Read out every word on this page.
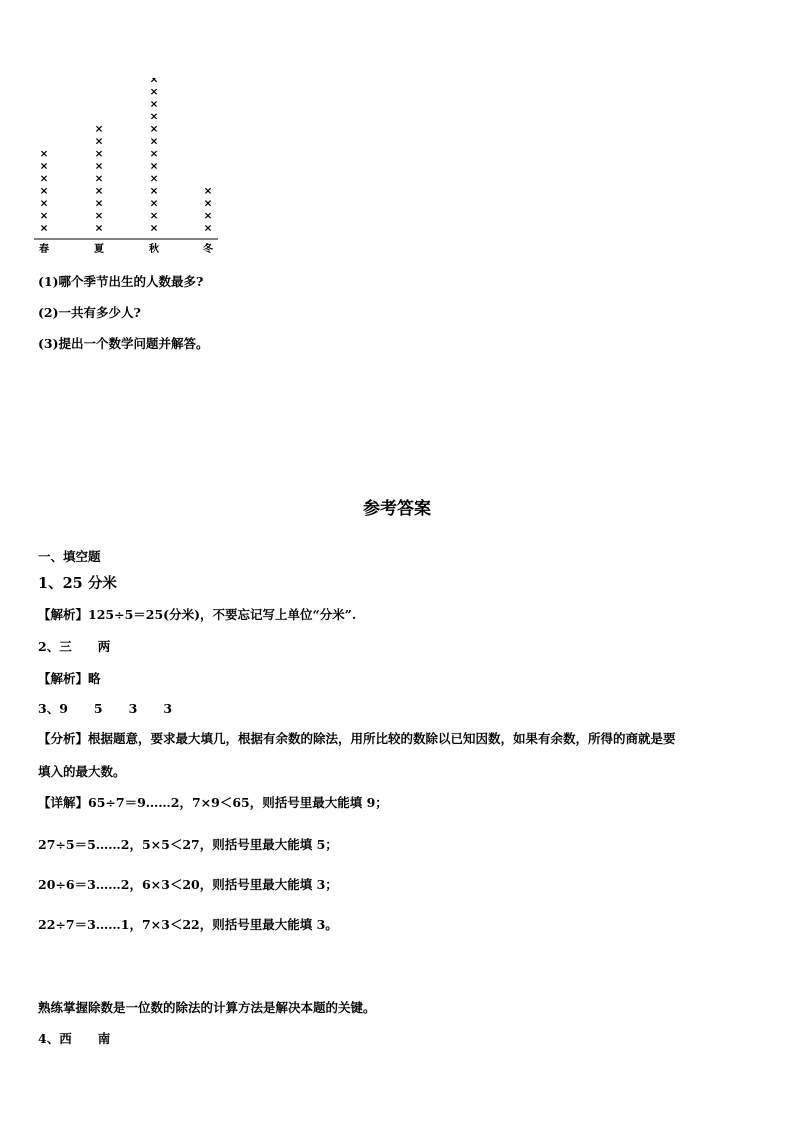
春	夏	秋	冬
(1)哪个季节出生的人数最多?
(2)一共有多少人?
(3)提出一个数学问题并解答。
参考答案
一、填空题
1、25 分米
【解析】125÷5＝25(分米)，不要忘记写上单位“分米”.
2、三 两
【解析】略
3、9 5 3 3
【分析】根据题意，要求最大填几，根据有余数的除法，用所比较的数除以已知因数，如果有余数，所得的商就是要
填入的最大数。
【详解】65÷7＝9……2，7×9＜65，则括号里最大能填 9；
27÷5＝5……2，5×5＜27，则括号里最大能填 5；
20÷6＝3……2，6×3＜20，则括号里最大能填 3；
22÷7＝3……1，7×3＜22，则括号里最大能填 3。
熟练掌握除数是一位数的除法的计算方法是解决本题的关键。
4、西 南
